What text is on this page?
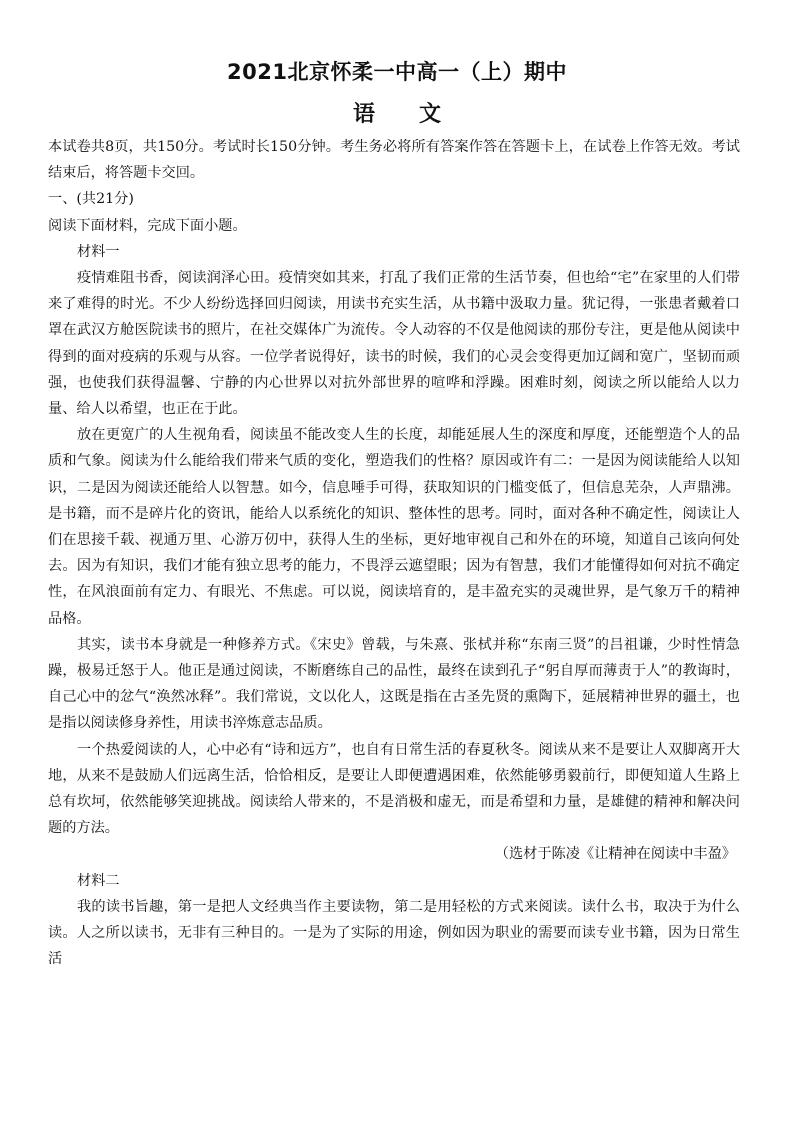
2021北京怀柔一中高一（上）期中
语文

本试卷共8页，共150分。考试时长150分钟。考生务必将所有答案作答在答题卡上，在试卷上作答无效。考试结束后，将答题卡交回。

一、(共21分)

阅读下面材料，完成下面小题。

材料一

疫情难阻书香，阅读润泽心田。疫情突如其来，打乱了我们正常的生活节奏，但也给“宅”在家里的人们带来了难得的时光。不少人纷纷选择回归阅读，用读书充实生活，从书籍中汲取力量。犹记得，一张患者戴着口罩在武汉方舱医院读书的照片，在社交媒体广为流传。令人动容的不仅是他阅读的那份专注，更是他从阅读中得到的面对疫病的乐观与从容。一位学者说得好，读书的时候，我们的心灵会变得更加辽阔和宽广，坚韧而顽强，也使我们获得温馨、宁静的内心世界以对抗外部世界的喧哗和浮躁。困难时刻，阅读之所以能给人以力量、给人以希望，也正在于此。

放在更宽广的人生视角看，阅读虽不能改变人生的长度，却能延展人生的深度和厚度，还能塑造个人的品质和气象。阅读为什么能给我们带来气质的变化，塑造我们的性格？原因或许有二：一是因为阅读能给人以知识，二是因为阅读还能给人以智慧。如今，信息唾手可得，获取知识的门槛变低了，但信息芜杂，人声鼎沸。是书籍，而不是碎片化的资讯，能给人以系统化的知识、整体性的思考。同时，面对各种不确定性，阅读让人们在思接千载、视通万里、心游万仞中，获得人生的坐标，更好地审视自己和外在的环境，知道自己该向何处去。因为有知识，我们才能有独立思考的能力，不畏浮云遮望眼；因为有智慧，我们才能懂得如何对抗不确定性，在风浪面前有定力、有眼光、不焦虑。可以说，阅读培育的，是丰盈充实的灵魂世界，是气象万千的精神品格。

其实，读书本身就是一种修养方式。《宋史》曾载，与朱熹、张栻并称“东南三贤”的吕祖谦，少时性情急躁，极易迁怒于人。他正是通过阅读，不断磨练自己的品性，最终在读到孔子“躬自厚而薄责于人”的教诲时，自己心中的忿气“涣然冰释”。我们常说，文以化人，这既是指在古圣先贤的熏陶下，延展精神世界的疆土，也是指以阅读修身养性，用读书淬炼意志品质。

一个热爱阅读的人，心中必有“诗和远方”，也自有日常生活的春夏秋冬。阅读从来不是要让人双脚离开大地，从来不是鼓励人们远离生活，恰恰相反，是要让人即便遭遇困难，依然能够勇毅前行，即便知道人生路上总有坎坷，依然能够笑迎挑战。阅读给人带来的，不是消极和虚无，而是希望和力量，是雄健的精神和解决问题的方法。

（选材于陈凌《让精神在阅读中丰盈》

材料二

我的读书旨趣，第一是把人文经典当作主要读物，第二是用轻松的方式来阅读。读什么书，取决于为什么读。人之所以读书，无非有三种目的。一是为了实际的用途，例如因为职业的需要而读专业书籍，因为日常生活
